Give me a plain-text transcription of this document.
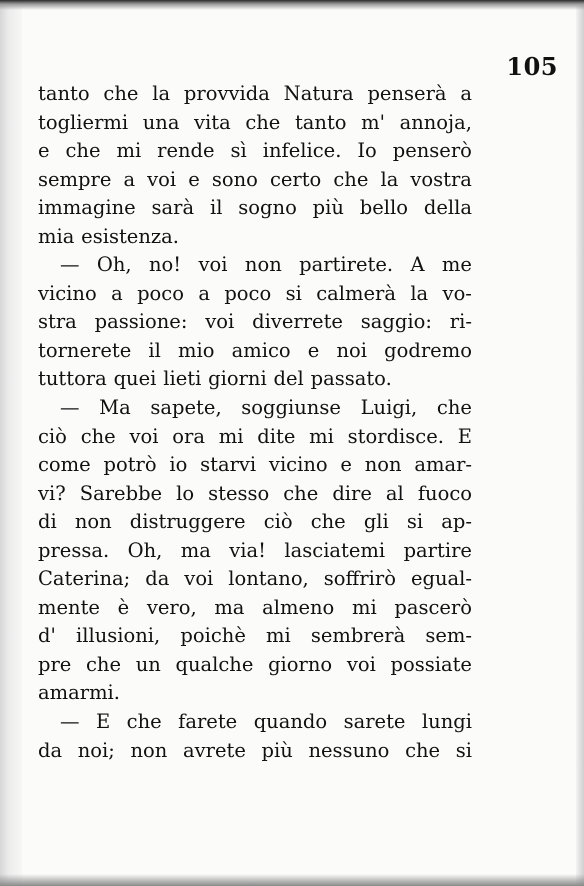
105
tanto che la provvida Natura penserà a
togliermi una vita che tanto m' annoja,
e che mi rende sì infelice. Io penserò
sempre a voi e sono certo che la vostra
immagine sarà il sogno più bello della
mia esistenza.
— Oh, no! voi non partirete. A me
vicino a poco a poco si calmerà la vo-
stra passione: voi diverrete saggio: ri-
tornerete il mio amico e noi godremo
tuttora quei lieti giorni del passato.
— Ma sapete, soggiunse Luigi, che
ciò che voi ora mi dite mi stordisce. E
come potrò io starvi vicino e non amar-
vi? Sarebbe lo stesso che dire al fuoco
di non distruggere ciò che gli si ap-
pressa. Oh, ma via! lasciatemi partire
Caterina; da voi lontano, soffrirò egual-
mente è vero, ma almeno mi pascerò
d' illusioni, poichè mi sembrerà sem-
pre che un qualche giorno voi possiate
amarmi.
— E che farete quando sarete lungi
da noi; non avrete più nessuno che si
